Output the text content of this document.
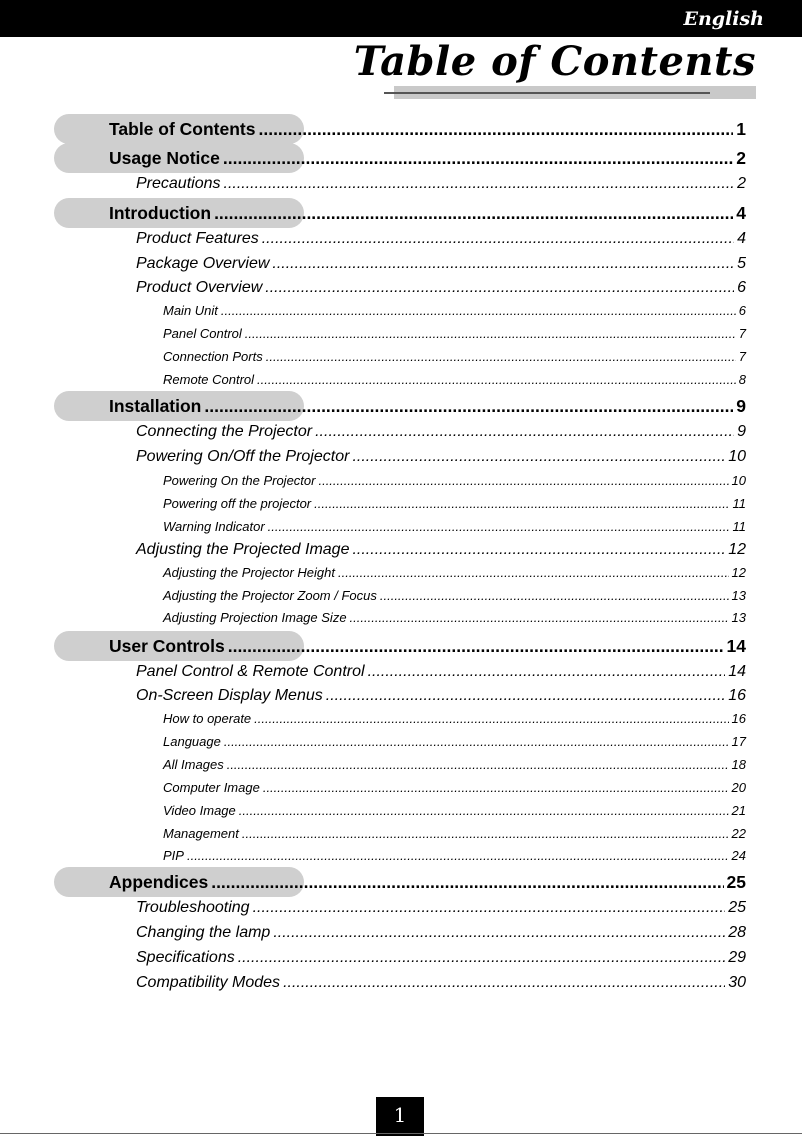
English
Table of Contents
Table of Contents .....	1
Usage Notice .....	2
Precautions .....	2
Introduction .....	4
Product Features .....	4
Package Overview .....	5
Product Overview .....	6
Main Unit .....	6
Panel Control .....	7
Connection Ports .....	7
Remote Control .....	8
Installation .....	9
Connecting the Projector .....	9
Powering On/Off the Projector .....	10
Powering On the Projector .....	10
Powering off the projector .....	11
Warning Indicator .....	11
Adjusting the Projected Image .....	12
Adjusting the Projector Height .....	12
Adjusting the Projector Zoom / Focus .....	13
Adjusting Projection Image Size .....	13
User Controls .....	14
Panel Control & Remote Control .....	14
On-Screen Display Menus .....	16
How to operate .....	16
Language .....	17
All Images .....	18
Computer Image .....	20
Video Image .....	21
Management .....	22
PIP .....	24
Appendices .....	25
Troubleshooting .....	25
Changing the lamp .....	28
Specifications .....	29
Compatibility Modes .....	30
1
